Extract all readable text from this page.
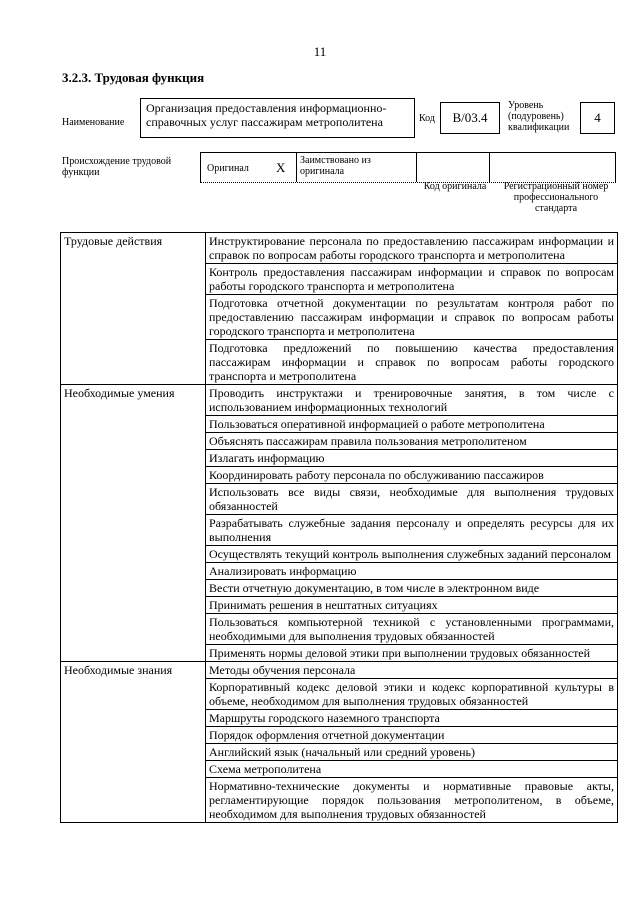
11
3.2.3. Трудовая функция
Наименование
Организация предоставления информационно-справочных услуг пассажирам метрополитена	Код B/03.4
Уровень (подуровень) квалификации
4
Происхождение трудовой функции	Оригинал X Заимствовано из оригинала
Код оригинала	Регистрационный номер профессионального стандарта
Трудовые действия	Инструктирование персонала по предоставлению пассажирам информации и справок по вопросам работы городского транспорта и метрополитена
	Контроль предоставления пассажирам информации и справок по вопросам работы городского транспорта и метрополитена
	Подготовка отчетной документации по результатам контроля работ по предоставлению пассажирам информации и справок по вопросам работы городского транспорта и метрополитена
	Подготовка предложений по повышению качества предоставления пассажирам информации и справок по вопросам работы городского транспорта и метрополитена
Необходимые умения	Проводить инструктажи и тренировочные занятия, в том числе с использованием информационных технологий
	Пользоваться оперативной информацией о работе метрополитена
	Объяснять пассажирам правила пользования метрополитеном
	Излагать информацию
	Координировать работу персонала по обслуживанию пассажиров
	Использовать все виды связи, необходимые для выполнения трудовых обязанностей
	Разрабатывать служебные задания персоналу и определять ресурсы для их выполнения
	Осуществлять текущий контроль выполнения служебных заданий персоналом
	Анализировать информацию
	Вести отчетную документацию, в том числе в электронном виде
	Принимать решения в нештатных ситуациях
	Пользоваться компьютерной техникой с установленными программами, необходимыми для выполнения трудовых обязанностей
	Применять нормы деловой этики при выполнении трудовых обязанностей
Необходимые знания	Методы обучения персонала
	Корпоративный кодекс деловой этики и кодекс корпоративной культуры в объеме, необходимом для выполнения трудовых обязанностей
	Маршруты городского наземного транспорта
	Порядок оформления отчетной документации
	Английский язык (начальный или средний уровень)
	Схема метрополитена
	Нормативно-технические документы и нормативные правовые акты, регламентирующие порядок пользования метрополитеном, в объеме, необходимом для выполнения трудовых обязанностей
